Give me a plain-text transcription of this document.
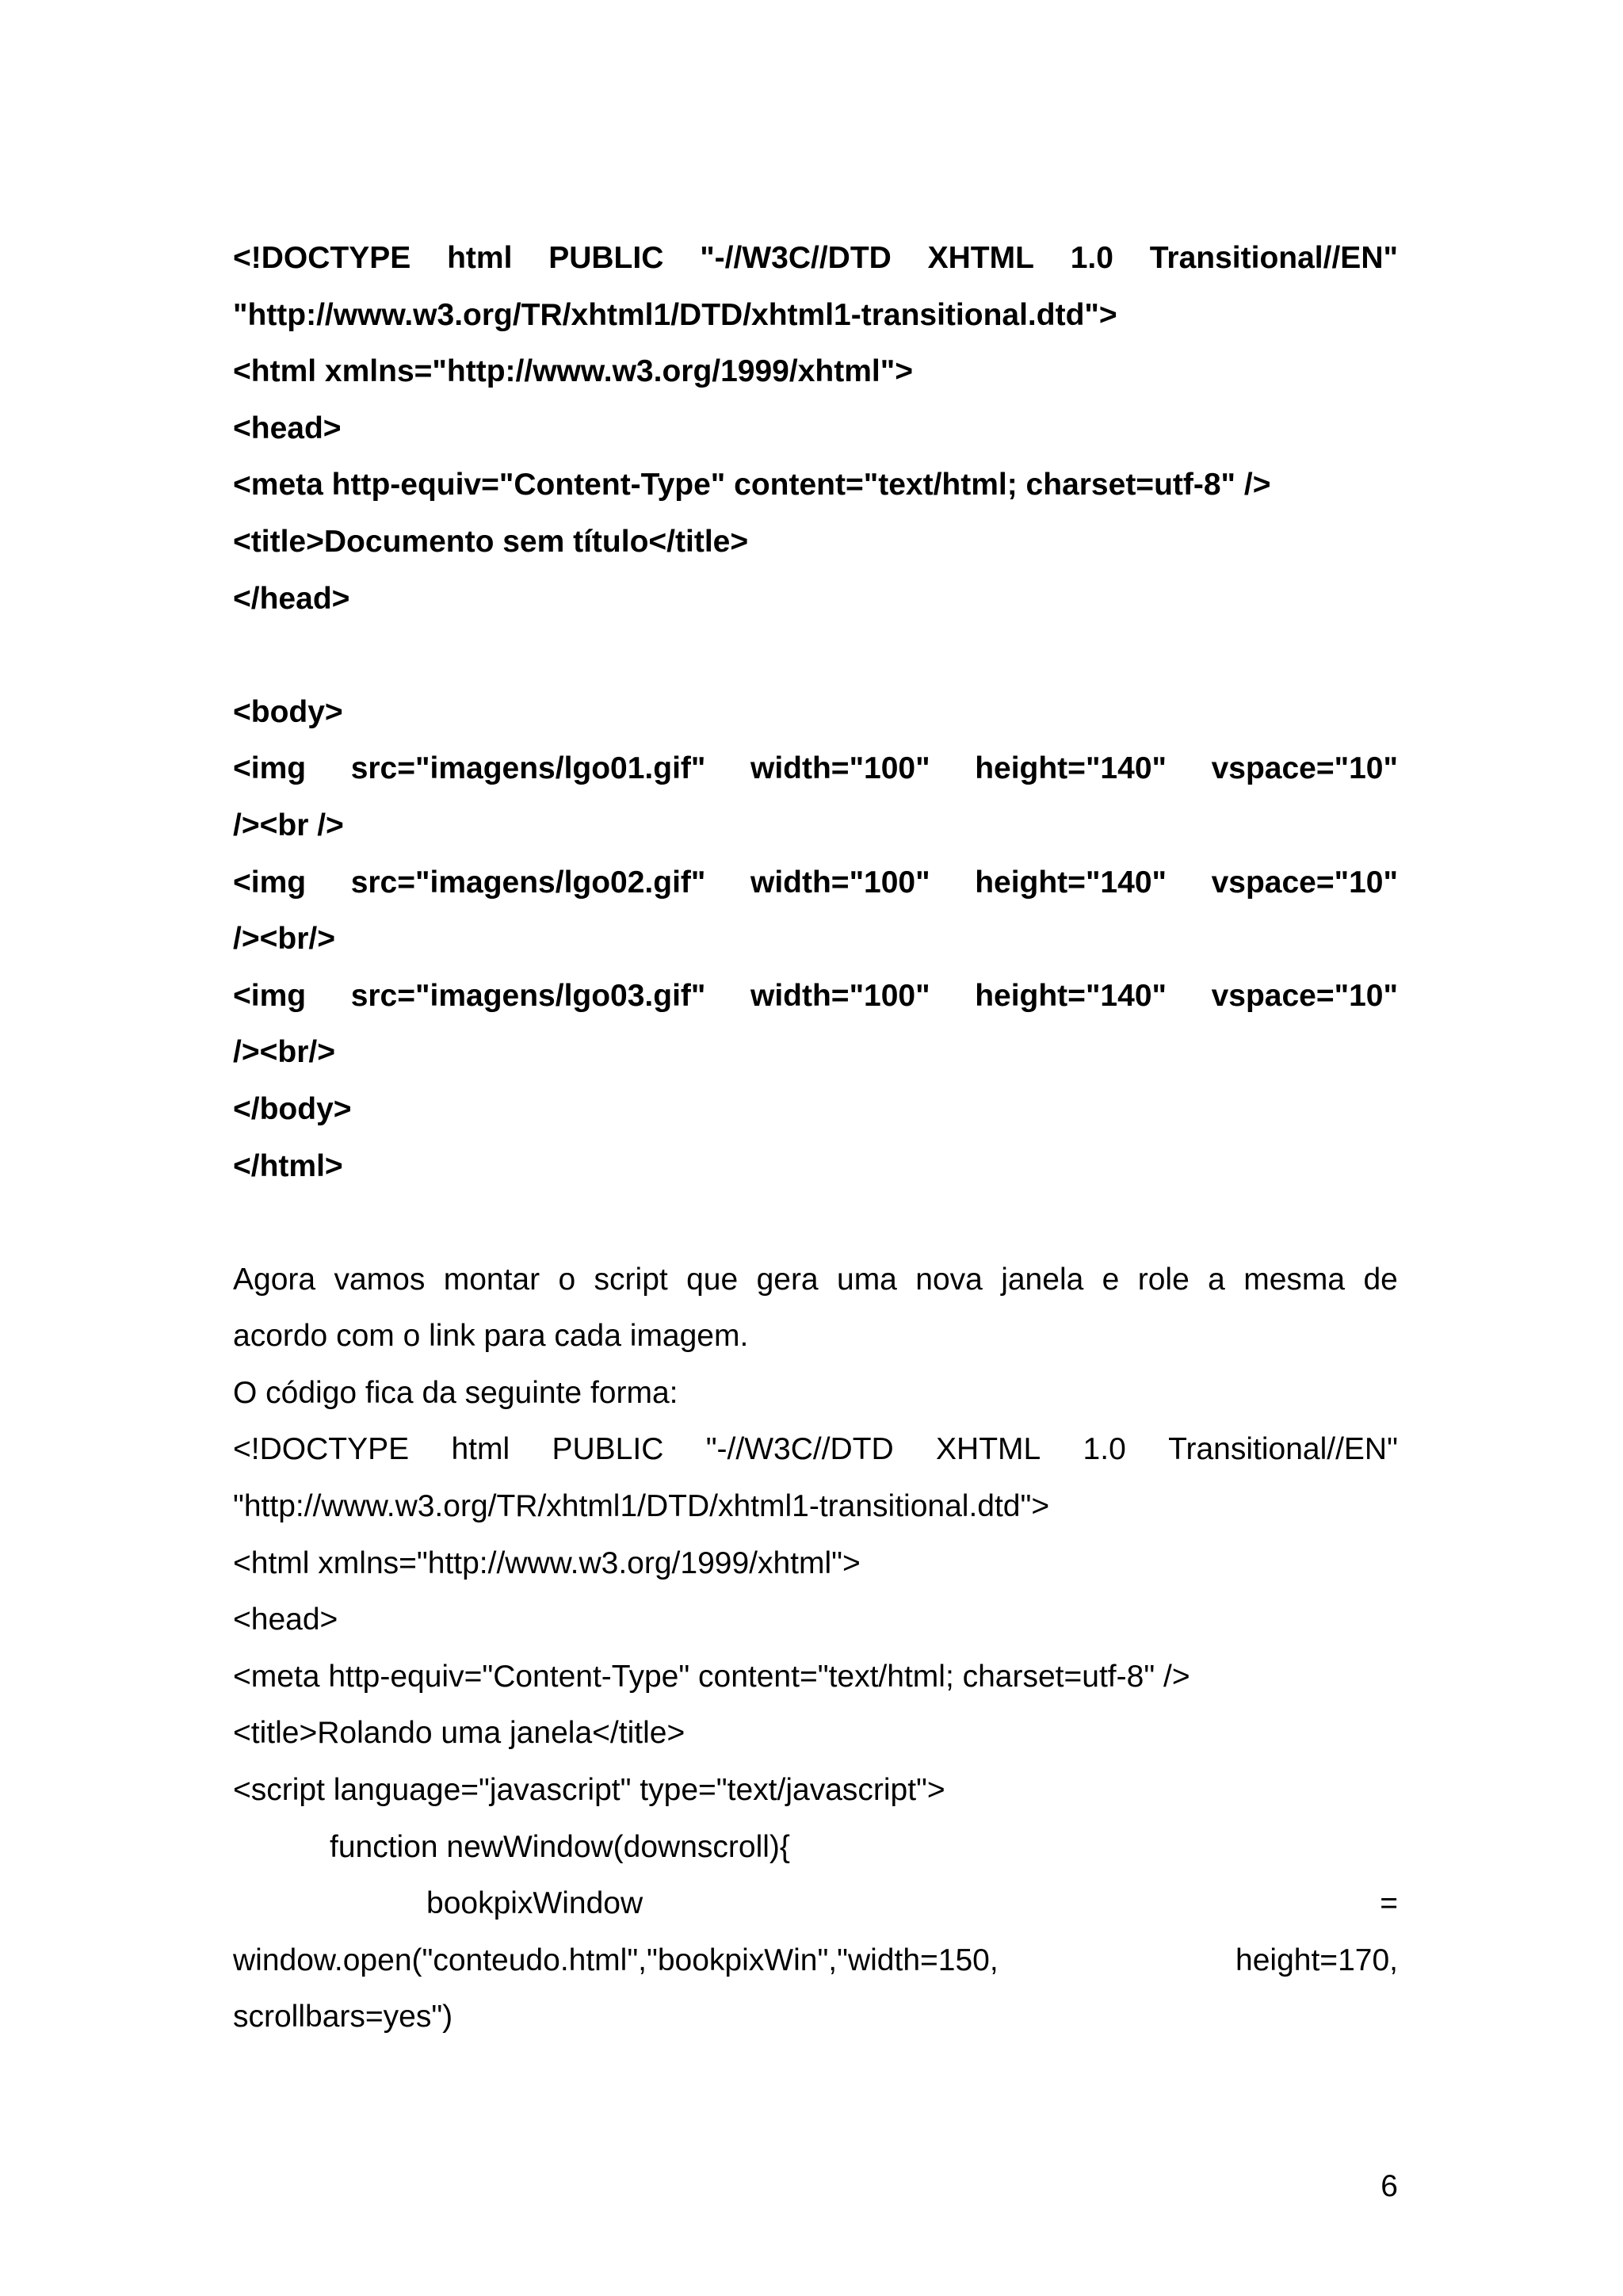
<!DOCTYPE html PUBLIC "-//W3C//DTD XHTML 1.0 Transitional//EN"
"http://www.w3.org/TR/xhtml1/DTD/xhtml1-transitional.dtd">
<html xmlns="http://www.w3.org/1999/xhtml">
<head>
<meta http-equiv="Content-Type" content="text/html; charset=utf-8" />
<title>Documento sem título</title>
</head>
<body>
<img src="imagens/lgo01.gif" width="100" height="140" vspace="10"
/><br />
<img src="imagens/lgo02.gif" width="100" height="140" vspace="10"
/><br/>
<img src="imagens/lgo03.gif" width="100" height="140" vspace="10"
/><br/>
</body>
</html>
Agora vamos montar o script que gera uma nova janela e role a mesma de
acordo com o link para cada imagem.
O código fica da seguinte forma:
<!DOCTYPE html PUBLIC "-//W3C//DTD XHTML 1.0 Transitional//EN"
"http://www.w3.org/TR/xhtml1/DTD/xhtml1-transitional.dtd">
<html xmlns="http://www.w3.org/1999/xhtml">
<head>
<meta http-equiv="Content-Type" content="text/html; charset=utf-8" />
<title>Rolando uma janela</title>
<script language="javascript" type="text/javascript">
function newWindow(downscroll){
bookpixWindow	=
window.open("conteudo.html","bookpixWin","width=150,	height=170,
scrollbars=yes")
6
